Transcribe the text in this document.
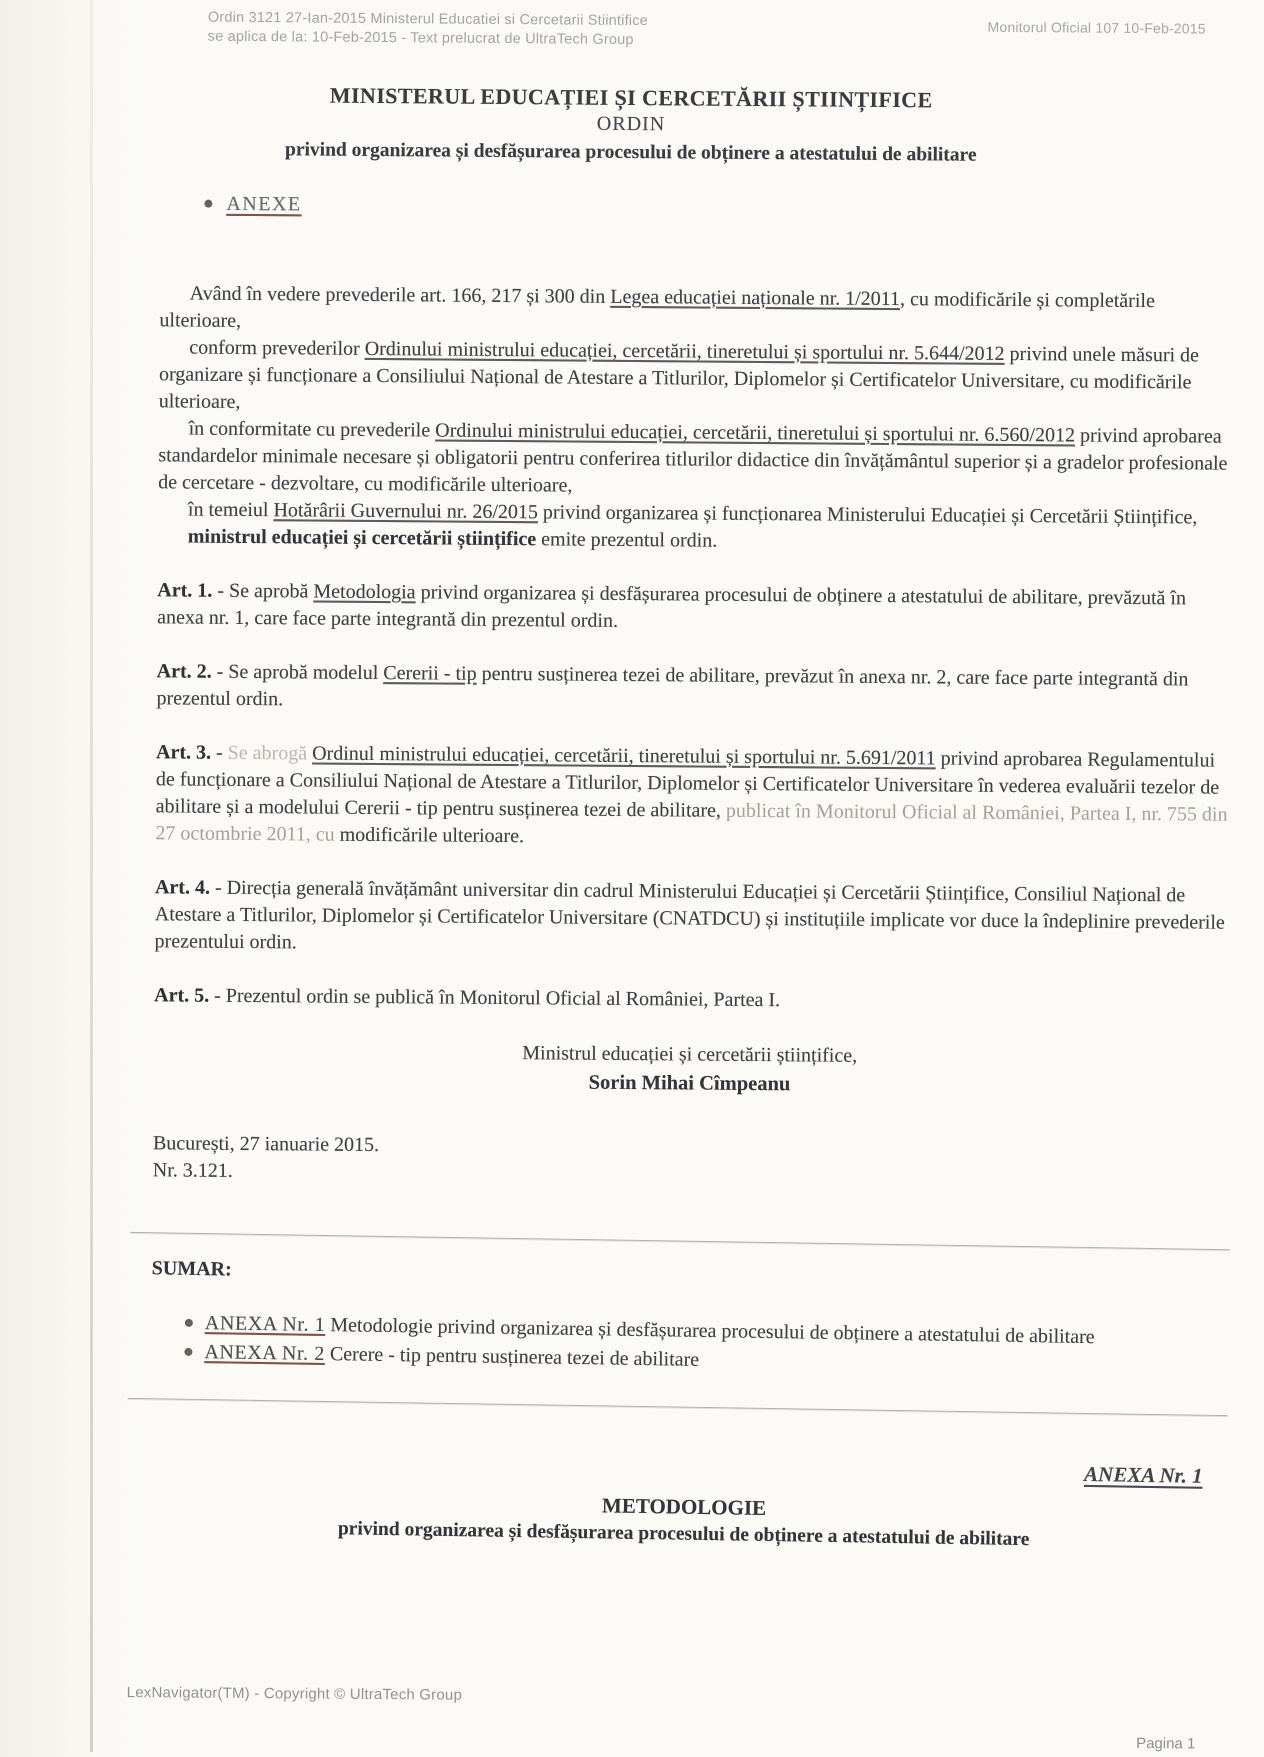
Ordin 3121 27-Ian-2015 Ministerul Educatiei si Cercetarii Stiintifice
se aplica de la: 10-Feb-2015 - Text prelucrat de UltraTech Group
Monitorul Oficial 107 10-Feb-2015
MINISTERUL EDUCAȚIEI ȘI CERCETĂRII ȘTIINȚIFICE
ORDIN
privind organizarea și desfășurarea procesului de obținere a atestatului de abilitare
ANEXE

Având în vedere prevederile art. 166, 217 și 300 din Legea educației naționale nr. 1/2011, cu modificările și completările ulterioare,

conform prevederilor Ordinului ministrului educației, cercetării, tineretului și sportului nr. 5.644/2012 privind unele măsuri de organizare și funcționare a Consiliului Național de Atestare a Titlurilor, Diplomelor și Certificatelor Universitare, cu modificările ulterioare,

în conformitate cu prevederile Ordinului ministrului educației, cercetării, tineretului și sportului nr. 6.560/2012 privind aprobarea standardelor minimale necesare și obligatorii pentru conferirea titlurilor didactice din învățământul superior și a gradelor profesionale de cercetare - dezvoltare, cu modificările ulterioare,

în temeiul Hotărârii Guvernului nr. 26/2015 privind organizarea și funcționarea Ministerului Educației și Cercetării Științifice,

ministrul educației și cercetării științifice emite prezentul ordin.

Art. 1. - Se aprobă Metodologia privind organizarea și desfășurarea procesului de obținere a atestatului de abilitare, prevăzută în anexa nr. 1, care face parte integrantă din prezentul ordin.

Art. 2. - Se aprobă modelul Cererii - tip pentru susținerea tezei de abilitare, prevăzut în anexa nr. 2, care face parte integrantă din prezentul ordin.

Art. 3. - Se abrogă Ordinul ministrului educației, cercetării, tineretului și sportului nr. 5.691/2011 privind aprobarea Regulamentului de funcționare a Consiliului Național de Atestare a Titlurilor, Diplomelor și Certificatelor Universitare în vederea evaluării tezelor de abilitare și a modelului Cererii - tip pentru susținerea tezei de abilitare, publicat în Monitorul Oficial al României, Partea I, nr. 755 din 27 octombrie 2011, cu modificările ulterioare.

Art. 4. - Direcția generală învățământ universitar din cadrul Ministerului Educației și Cercetării Științifice, Consiliul Național de Atestare a Titlurilor, Diplomelor și Certificatelor Universitare (CNATDCU) și instituțiile implicate vor duce la îndeplinire prevederile prezentului ordin.

Art. 5. - Prezentul ordin se publică în Monitorul Oficial al României, Partea I.

Ministrul educației și cercetării științifice,
Sorin Mihai Cîmpeanu
București, 27 ianuarie 2015.
Nr. 3.121.
SUMAR:
ANEXA Nr. 1 Metodologie privind organizarea și desfășurarea procesului de obținere a atestatului de abilitare
ANEXA Nr. 2 Cerere - tip pentru susținerea tezei de abilitare
ANEXA Nr. 1
METODOLOGIE
privind organizarea și desfășurarea procesului de obținere a atestatului de abilitare
LexNavigator(TM) - Copyright © UltraTech Group
Pagina 1
